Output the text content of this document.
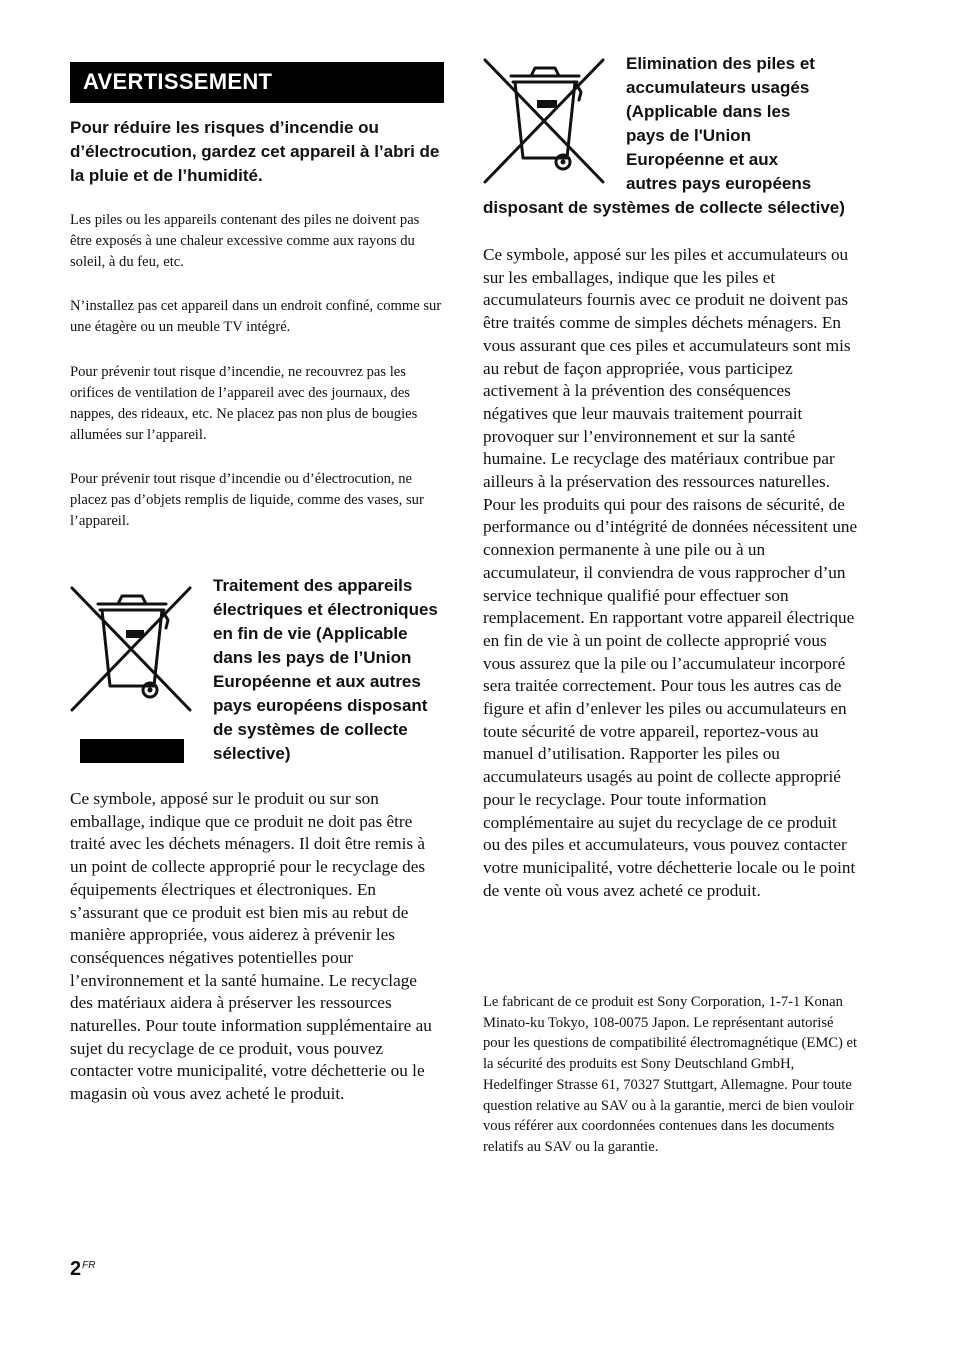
AVERTISSEMENT

Pour réduire les risques d’incendie ou d’électrocution, gardez cet appareil à l’abri de la pluie et de l’humidité.

Les piles ou les appareils contenant des piles ne doivent pas être exposés à une chaleur excessive comme aux rayons du soleil, à du feu, etc.

N’installez pas cet appareil dans un endroit confiné, comme sur une étagère ou un meuble TV intégré.

Pour prévenir tout risque d’incendie, ne recouvrez pas les orifices de ventilation de l’appareil avec des journaux, des nappes, des rideaux, etc. Ne placez pas non plus de bougies allumées sur l’appareil.

Pour prévenir tout risque d’incendie ou d’électrocution, ne placez pas d’objets remplis de liquide, comme des vases, sur l’appareil.

Traitement des appareils électriques et électroniques en fin de vie (Applicable dans les pays de l’Union Européenne et aux autres pays européens disposant de systèmes de collecte sélective)

Ce symbole, apposé sur le produit ou sur son emballage, indique que ce produit ne doit pas être traité avec les déchets ménagers. Il doit être remis à un point de collecte approprié pour le recyclage des équipements électriques et électroniques. En s’assurant que ce produit est bien mis au rebut de manière appropriée, vous aiderez à prévenir les conséquences négatives potentielles pour l’environnement et la santé humaine. Le recyclage des matériaux aidera à préserver les ressources naturelles. Pour toute information supplémentaire au sujet du recyclage de ce produit, vous pouvez contacter votre municipalité, votre déchetterie ou le magasin où vous avez acheté le produit.

Elimination des piles et
accumulateurs usagés
(Applicable dans les
pays de l'Union
Européenne et aux
autres pays européens

disposant de systèmes de collecte sélective)

Ce symbole, apposé sur les piles et accumulateurs ou sur les emballages, indique que les piles et accumulateurs fournis avec ce produit ne doivent pas être traités comme de simples déchets ménagers. En vous assurant que ces piles et accumulateurs sont mis au rebut de façon appropriée, vous participez activement à la prévention des conséquences négatives que leur mauvais traitement pourrait provoquer sur l’environnement et sur la santé humaine. Le recyclage des matériaux contribue par ailleurs à la préservation des ressources naturelles. Pour les produits qui pour des raisons de sécurité, de performance ou d’intégrité de données nécessitent une connexion permanente à une pile ou à un accumulateur, il conviendra de vous rapprocher d’un service technique qualifié pour effectuer son remplacement. En rapportant votre appareil électrique en fin de vie à un point de collecte approprié vous vous assurez que la pile ou l’accumulateur incorporé sera traitée correctement. Pour tous les autres cas de figure et afin d’enlever les piles ou accumulateurs en toute sécurité de votre appareil, reportez-vous au manuel d’utilisation. Rapporter les piles ou accumulateurs usagés au point de collecte approprié pour le recyclage. Pour toute information complémentaire au sujet du recyclage de ce produit ou des piles et accumulateurs, vous pouvez contacter votre municipalité, votre déchetterie locale ou le point de vente où vous avez acheté ce produit.

Le fabricant de ce produit est Sony Corporation, 1-7-1 Konan Minato-ku Tokyo, 108-0075 Japon. Le représentant autorisé pour les questions de compatibilité électromagnétique (EMC) et la sécurité des produits est Sony Deutschland GmbH, Hedelfinger Strasse 61, 70327 Stuttgart, Allemagne. Pour toute question relative au SAV ou à la garantie, merci de bien vouloir vous référer aux coordonnées contenues dans les documents relatifs au SAV ou la garantie.

$2^{FR}$
